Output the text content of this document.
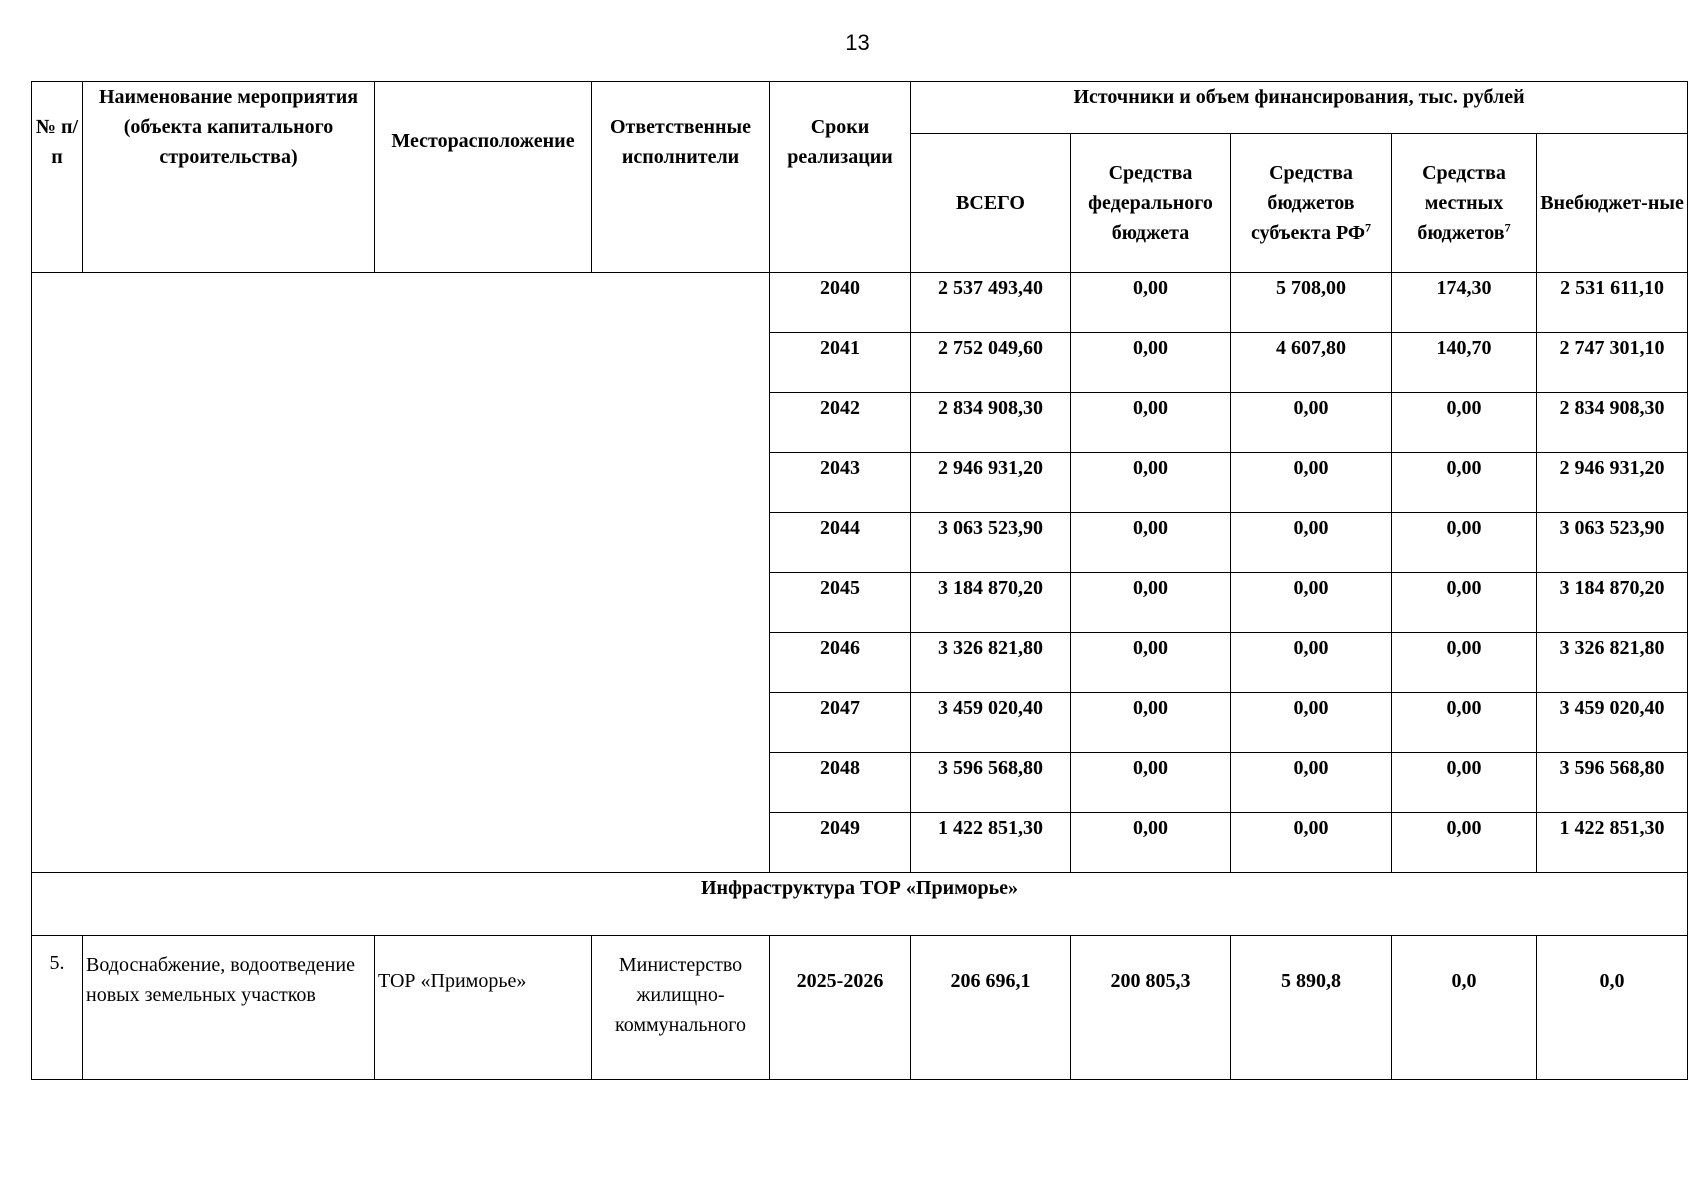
13
№ п/п	Наименование мероприятия (объекта капитального строительства)	Месторасположение	Ответственные исполнители	Сроки реализации	Источники и объем финансирования, тыс. рублей				
					ВСЕГО	Средства федерального бюджета	Средства бюджетов субъекта $РФ^7$	Средства местных бюджетов$^7$	Внебюджет-ные
				2040	2 537 493,40	0,00	5 708,00	174,30	2 531 611,10
				2041	2 752 049,60	0,00	4 607,80	140,70	2 747 301,10
				2042	2 834 908,30	0,00	0,00	0,00	2 834 908,30
				2043	2 946 931,20	0,00	0,00	0,00	2 946 931,20
				2044	3 063 523,90	0,00	0,00	0,00	3 063 523,90
				2045	3 184 870,20	0,00	0,00	0,00	3 184 870,20
				2046	3 326 821,80	0,00	0,00	0,00	3 326 821,80
				2047	3 459 020,40	0,00	0,00	0,00	3 459 020,40
				2048	3 596 568,80	0,00	0,00	0,00	3 596 568,80
				2049	1 422 851,30	0,00	0,00	0,00	1 422 851,30
Инфраструктура ТОР «Приморье»									
5.	Водоснабжение, водоотведение новых земельных участков	ТОР «Приморье»	Министерство жилищно-коммунального	2025-2026	206 696,1	200 805,3	5 890,8	0,0	0,0
